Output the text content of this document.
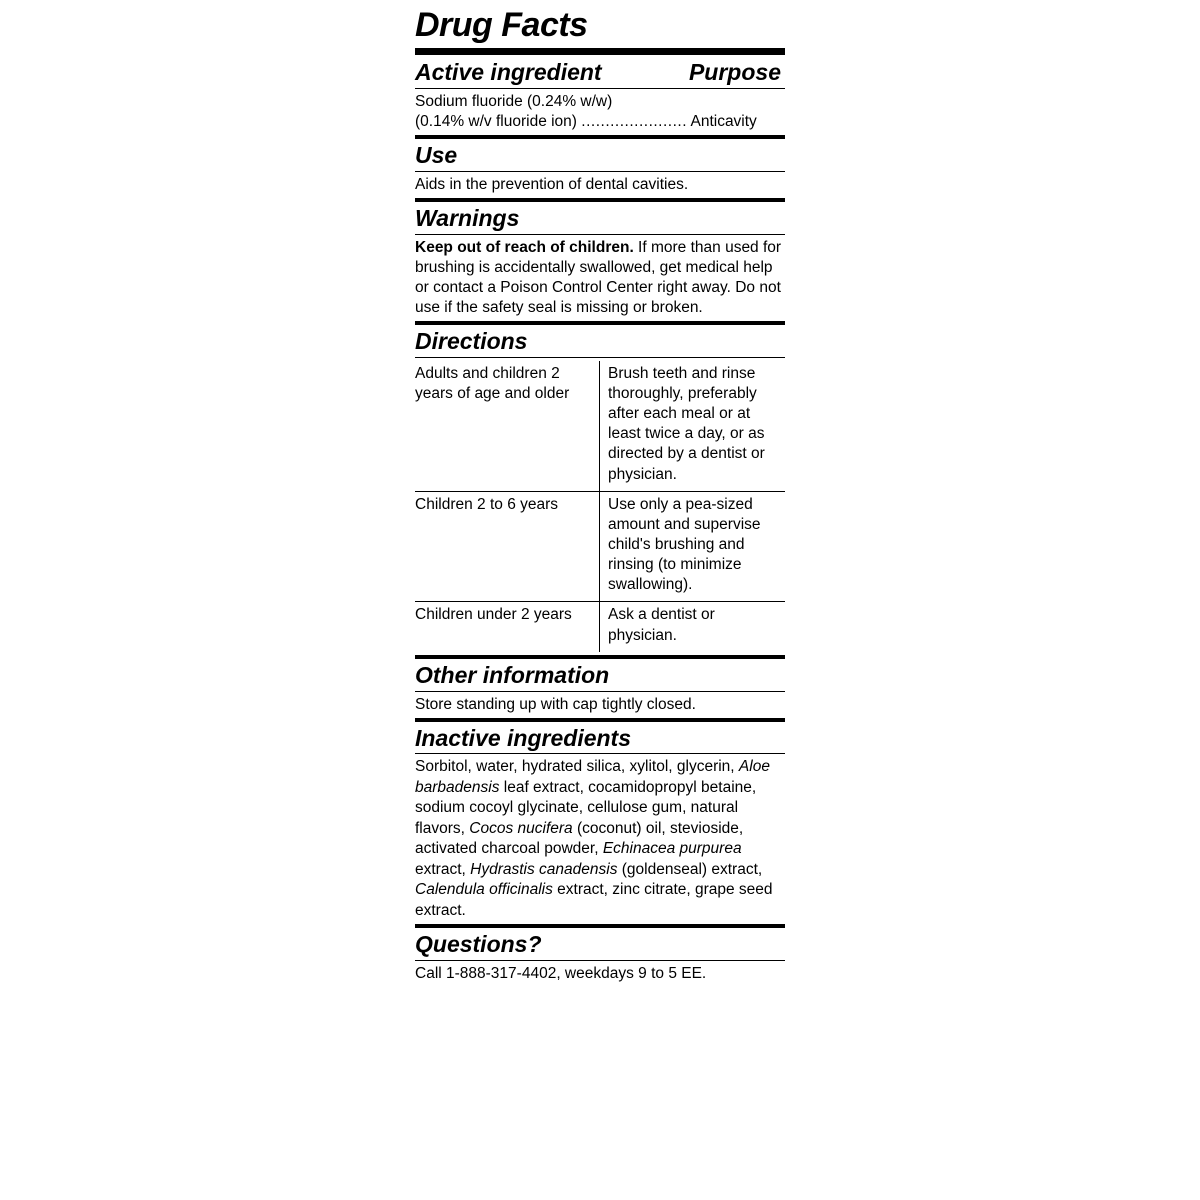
Drug Facts
Active ingredient	Purpose
Sodium fluoride (0.24% w/w)
(0.14% w/v fluoride ion) ...................... Anticavity
Use
Aids in the prevention of dental cavities.
Warnings
Keep out of reach of children. If more than used for brushing is accidentally swallowed, get medical help or contact a Poison Control Center right away. Do not use if the safety seal is missing or broken.
Directions
Adults and children 2 years of age and older	Brush teeth and rinse thoroughly, preferably after each meal or at least twice a day, or as directed by a dentist or physician.
Children 2 to 6 years	Use only a pea-sized amount and supervise child's brushing and rinsing (to minimize swallowing).
Children under 2 years	Ask a dentist or physician.
Other information
Store standing up with cap tightly closed.
Inactive ingredients
Sorbitol, water, hydrated silica, xylitol, glycerin, Aloe barbadensis leaf extract, cocamidopropyl betaine, sodium cocoyl glycinate, cellulose gum, natural flavors, Cocos nucifera (coconut) oil, stevioside, activated charcoal powder, Echinacea purpurea extract, Hydrastis canadensis (goldenseal) extract, Calendula officinalis extract, zinc citrate, grape seed extract.
Questions?
Call 1-888-317-4402, weekdays 9 to 5 EE.
